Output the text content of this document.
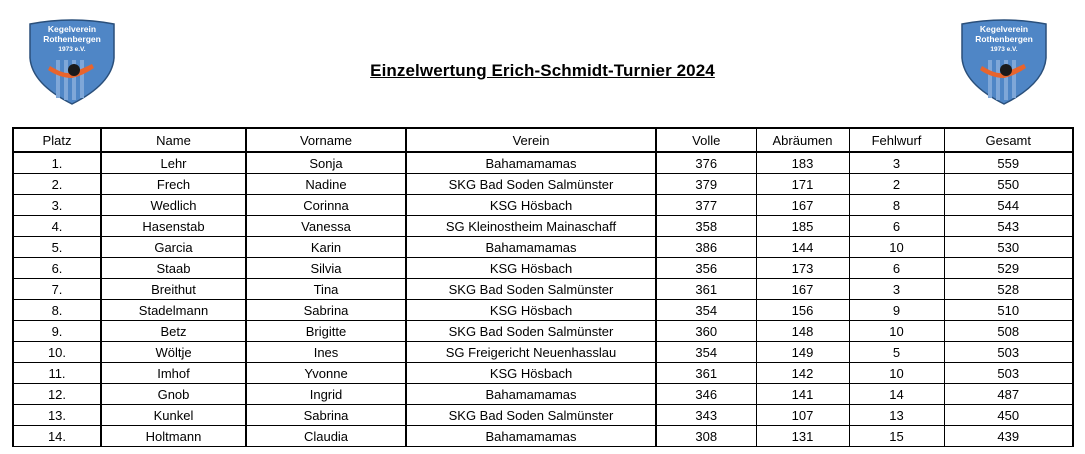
Kegelverein
Rothenbergen
1973 e.V.
Kegelverein
Rothenbergen
1973 e.V.
Einzelwertung Erich-Schmidt-Turnier 2024
Platz	Name	Vorname	Verein	Volle	Abräumen	Fehlwurf	Gesamt
1.	Lehr	Sonja	Bahamamamas	376	183	3	559
2.	Frech	Nadine	SKG Bad Soden Salmünster	379	171	2	550
3.	Wedlich	Corinna	KSG Hösbach	377	167	8	544
4.	Hasenstab	Vanessa	SG Kleinostheim Mainaschaff	358	185	6	543
5.	Garcia	Karin	Bahamamamas	386	144	10	530
6.	Staab	Silvia	KSG Hösbach	356	173	6	529
7.	Breithut	Tina	SKG Bad Soden Salmünster	361	167	3	528
8.	Stadelmann	Sabrina	KSG Hösbach	354	156	9	510
9.	Betz	Brigitte	SKG Bad Soden Salmünster	360	148	10	508
10.	Wöltje	Ines	SG Freigericht Neuenhasslau	354	149	5	503
11.	Imhof	Yvonne	KSG Hösbach	361	142	10	503
12.	Gnob	Ingrid	Bahamamamas	346	141	14	487
13.	Kunkel	Sabrina	SKG Bad Soden Salmünster	343	107	13	450
14.	Holtmann	Claudia	Bahamamamas	308	131	15	439
